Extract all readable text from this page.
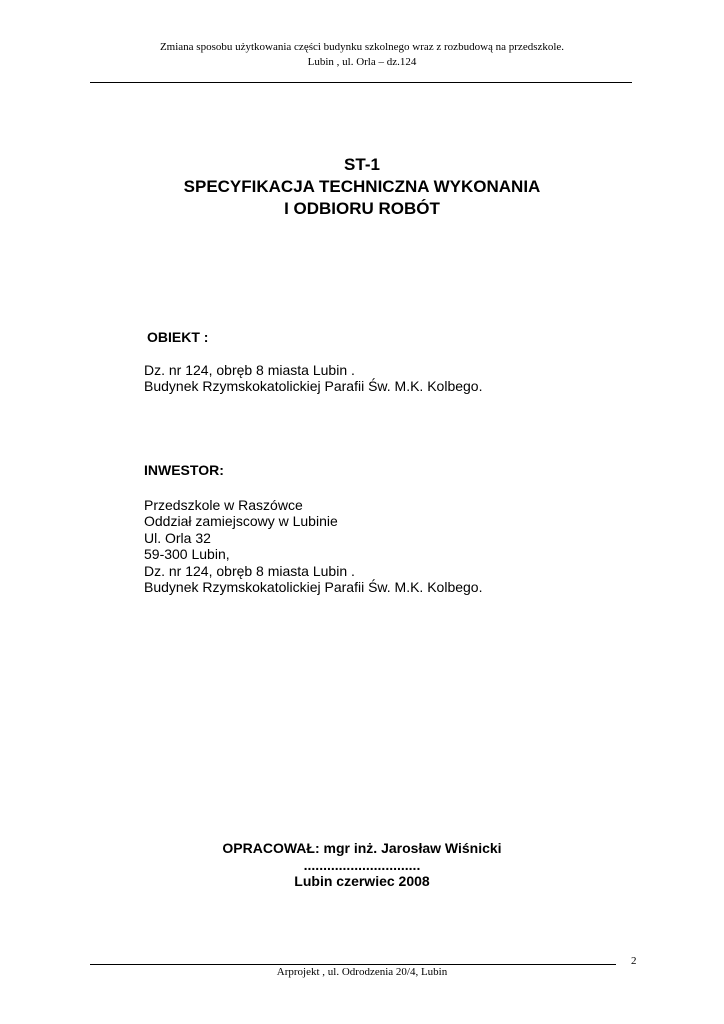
Zmiana sposobu użytkowania części budynku szkolnego wraz z rozbudową na przedszkole.
Lubin , ul. Orla – dz.124
ST-1
SPECYFIKACJA TECHNICZNA WYKONANIA
I ODBIORU ROBÓT
OBIEKT :
Dz. nr 124, obręb 8 miasta Lubin .
Budynek Rzymskokatolickiej Parafii Św. M.K. Kolbego.
INWESTOR:
Przedszkole w Raszówce
Oddział zamiejscowy w Lubinie
Ul. Orla 32
59-300 Lubin,
Dz. nr 124, obręb 8 miasta Lubin .
Budynek Rzymskokatolickiej Parafii Św. M.K. Kolbego.
OPRACOWAŁ: mgr inż. Jarosław Wiśnicki
..............................
Lubin czerwiec 2008
2
Arprojekt , ul. Odrodzenia 20/4, Lubin
